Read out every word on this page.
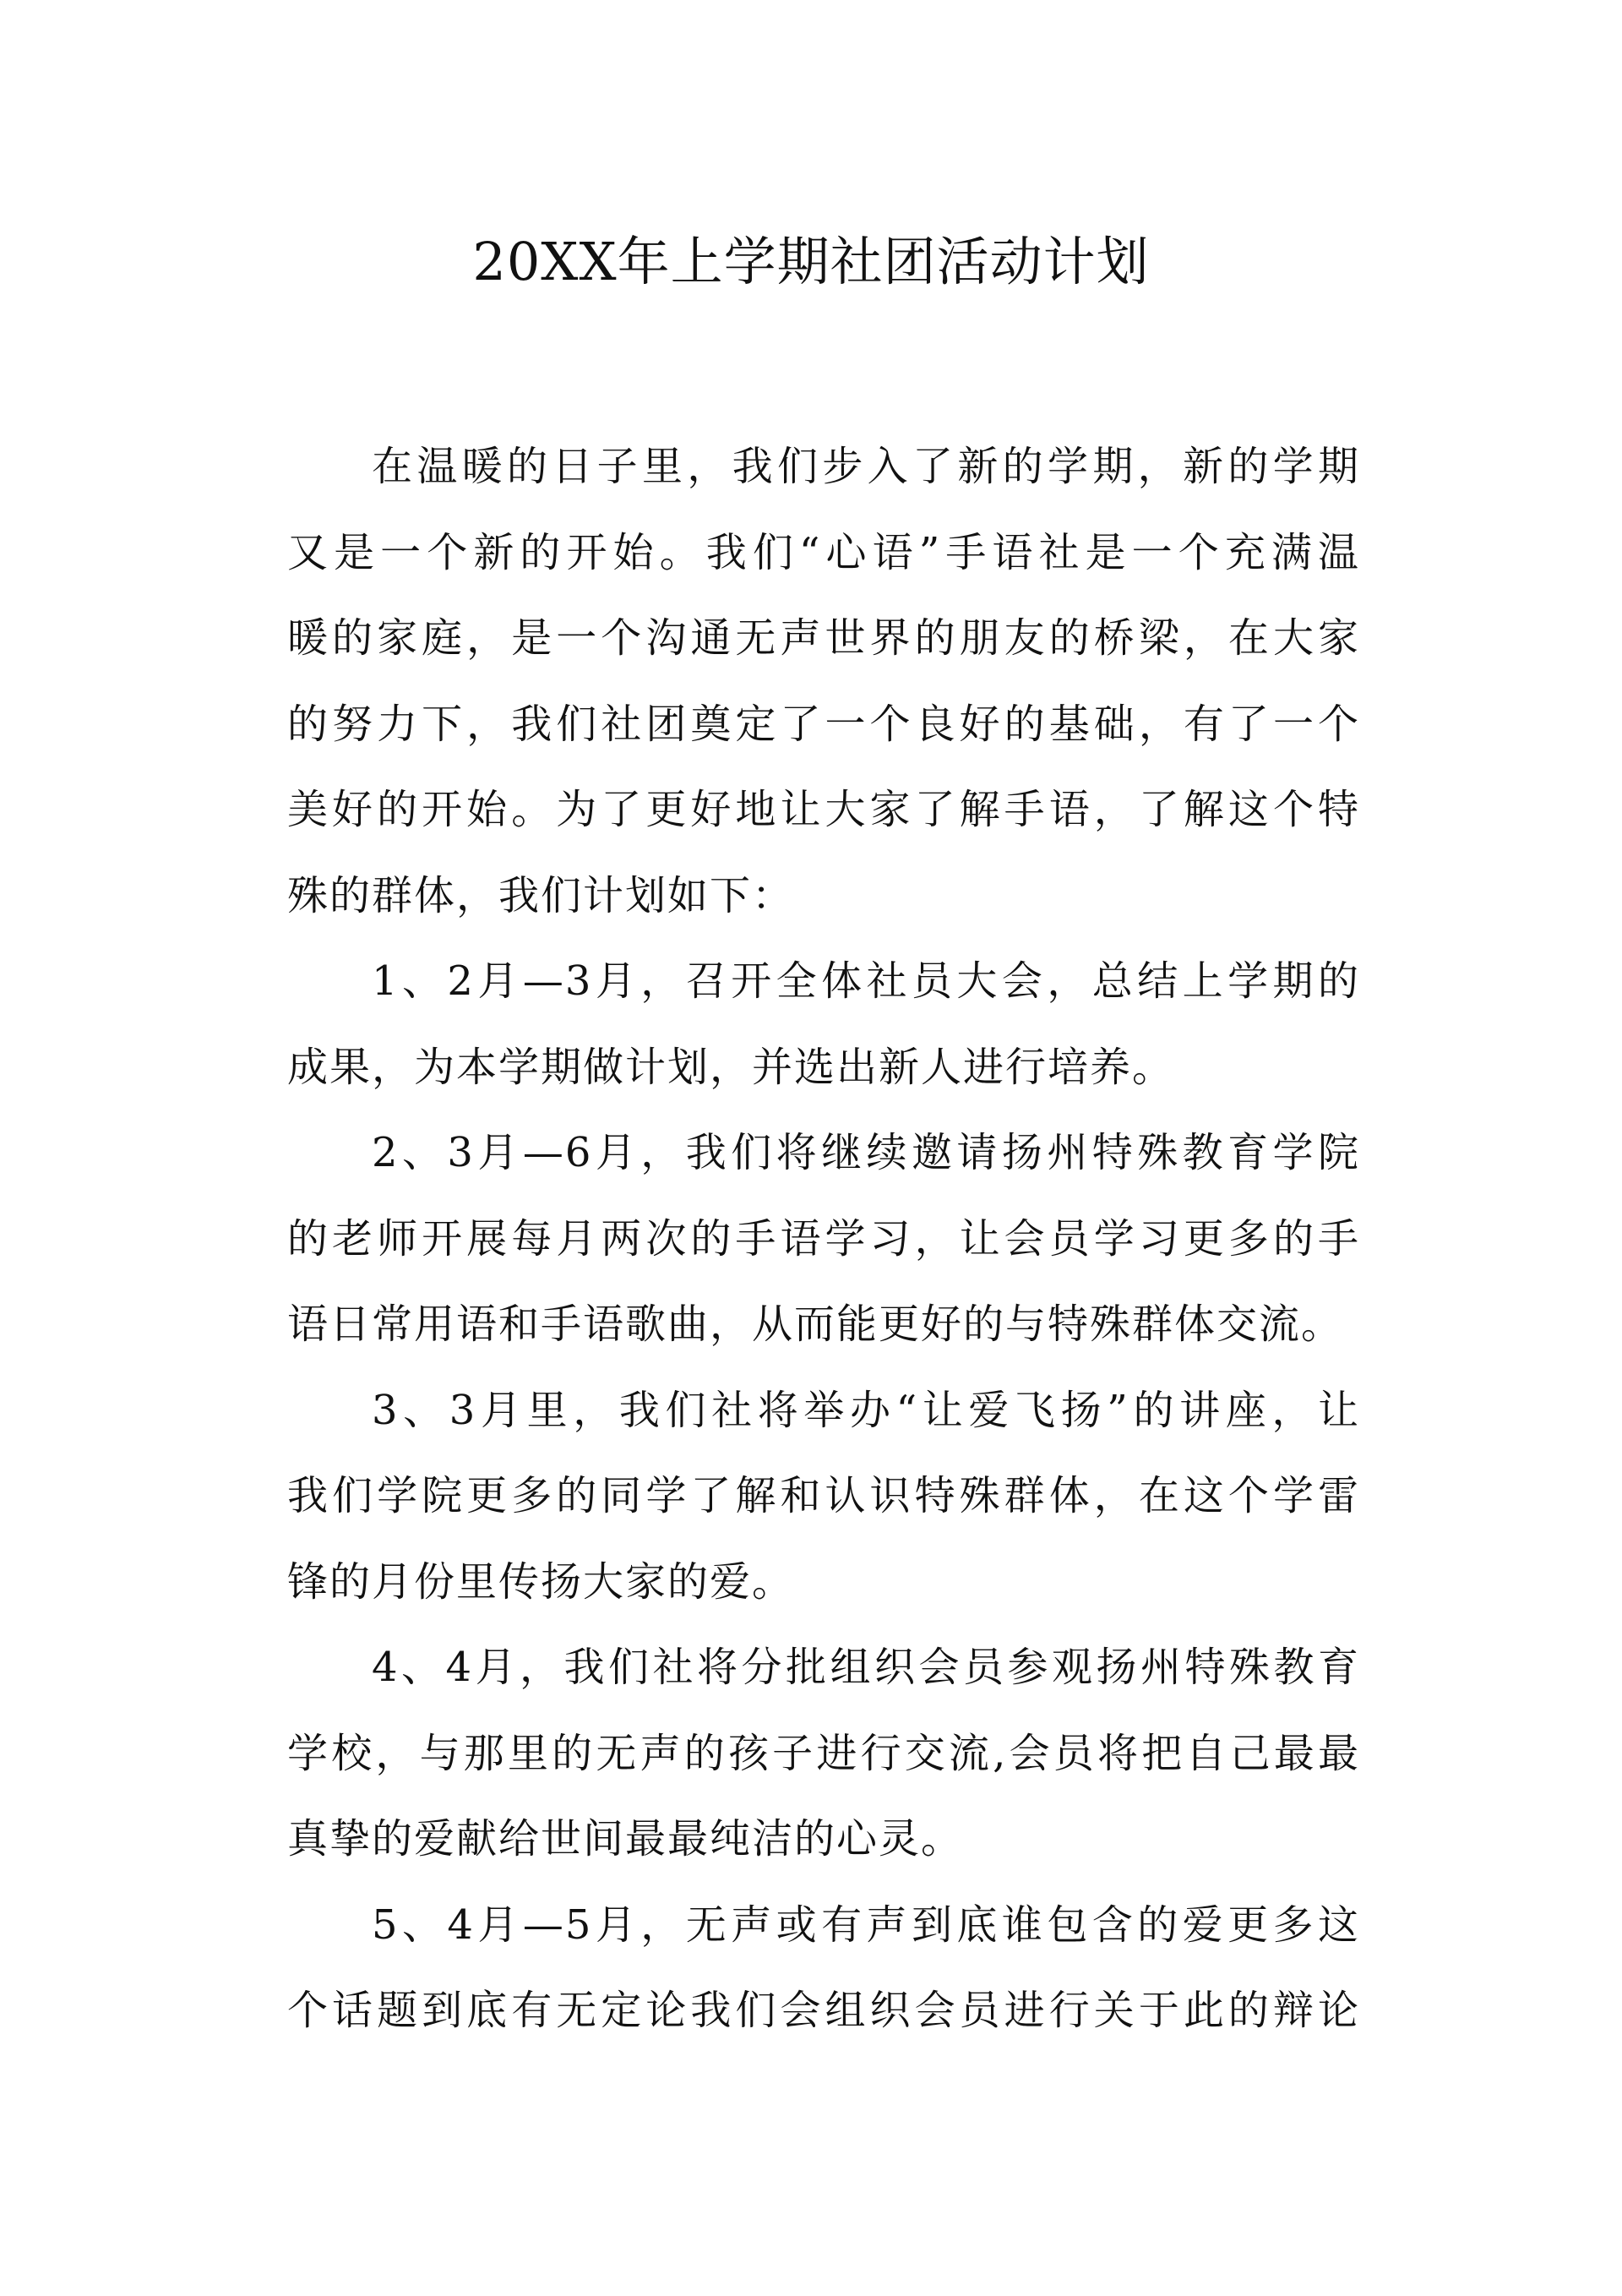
20XX年上学期社团活动计划

在温暖的日子里，我们步入了新的学期，新的学期
又是一个新的开始。我们“心语”手语社是一个充满温
暖的家庭，是一个沟通无声世界的朋友的桥梁，在大家
的努力下，我们社团奠定了一个良好的基础，有了一个
美好的开始。为了更好地让大家了解手语，了解这个特
殊的群体，我们计划如下：

1、2月—3月，召开全体社员大会，总结上学期的
成果，为本学期做计划，并选出新人进行培养。

2、3月—6月，我们将继续邀请扬州特殊教育学院
的老师开展每月两次的手语学习，让会员学习更多的手
语日常用语和手语歌曲，从而能更好的与特殊群体交流。

3、3月里，我们社将举办“让爱飞扬”的讲座，让
我们学院更多的同学了解和认识特殊群体，在这个学雷
锋的月份里传扬大家的爱。

4、4月，我们社将分批组织会员参观扬州特殊教育
学校，与那里的无声的孩子进行交流,会员将把自己最最
真挚的爱献给世间最最纯洁的心灵。

5、4月—5月，无声或有声到底谁包含的爱更多这
个话题到底有无定论我们会组织会员进行关于此的辩论
